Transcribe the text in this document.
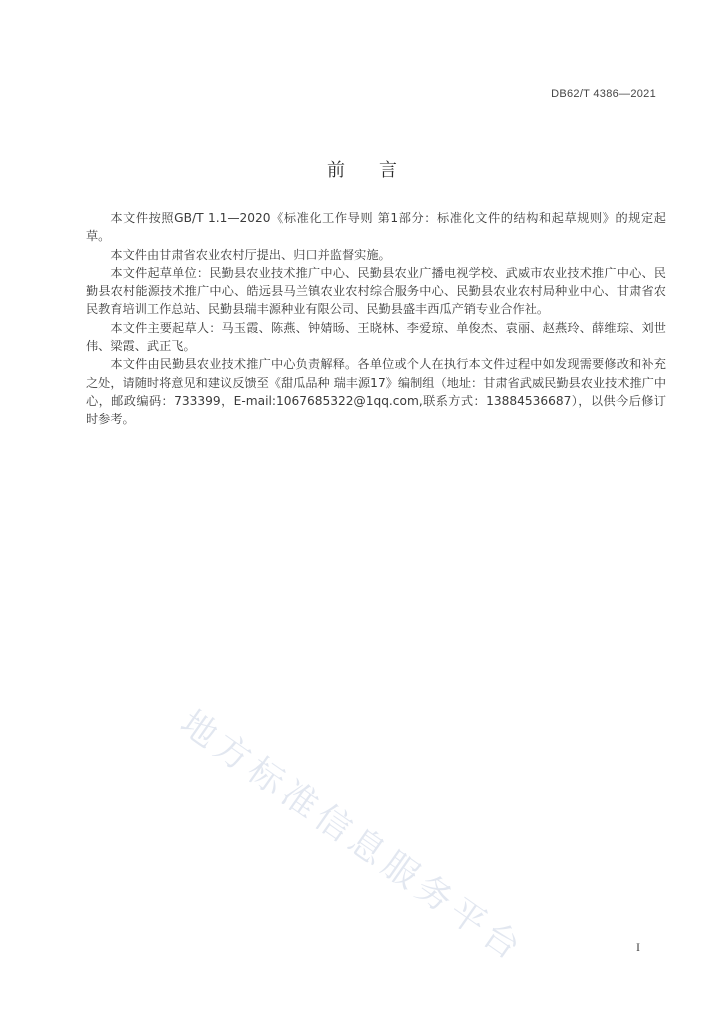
DB62/T 4386—2021
前言

本文件按照GB/T 1.1—2020《标准化工作导则 第1部分：标准化文件的结构和起草规则》的规定起草。

本文件由甘肃省农业农村厅提出、归口并监督实施。

本文件起草单位：民勤县农业技术推广中心、民勤县农业广播电视学校、武威市农业技术推广中心、民勤县农村能源技术推广中心、皓远县马兰镇农业农村综合服务中心、民勤县农业农村局种业中心、甘肃省农民教育培训工作总站、民勤县瑞丰源种业有限公司、民勤县盛丰西瓜产销专业合作社。

本文件主要起草人：马玉霞、陈燕、钟婧旸、王晓林、李爱琼、单俊杰、袁丽、赵燕玲、薛维琮、刘世伟、梁霞、武正飞。

本文件由民勤县农业技术推广中心负责解释。各单位或个人在执行本文件过程中如发现需要修改和补充之处，请随时将意见和建议反馈至《甜瓜品种 瑞丰源17》编制组（地址：甘肃省武威民勤县农业技术推广中心，邮政编码：733399，E-mail:1067685322@1qq.com,联系方式：13884536687），以供今后修订时参考。

地方标准信息服务平台	I
